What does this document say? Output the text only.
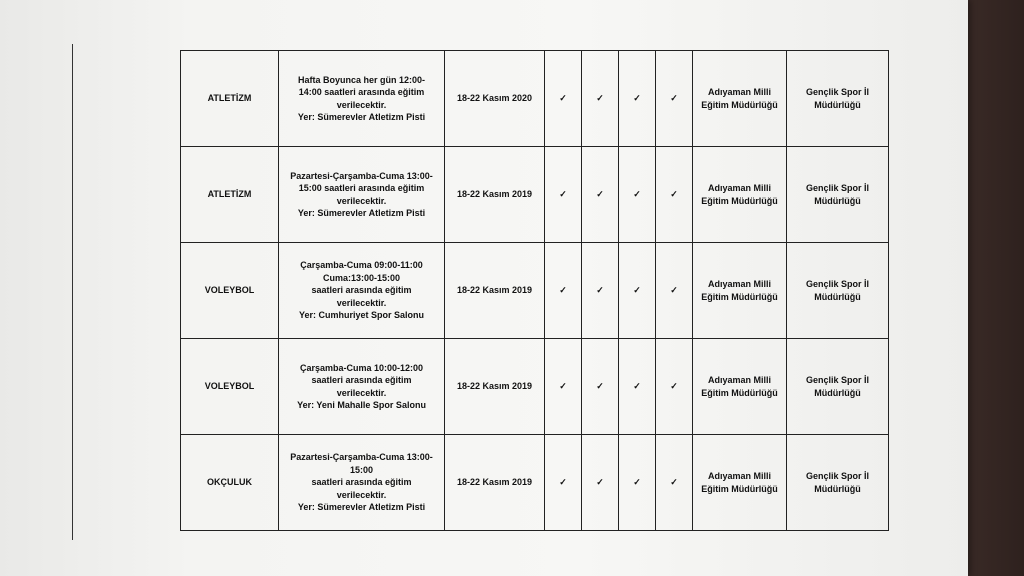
ATLETİZM	Hafta Boyunca her gün 12:00-
14:00 saatleri arasında eğitim
verilecektir.
Yer: Sümerevler Atletizm Pisti	18-22 Kasım 2020	✓	✓	✓	✓	Adıyaman Milli Eğitim Müdürlüğü	Gençlik Spor İl Müdürlüğü
ATLETİZM	Pazartesi-Çarşamba-Cuma 13:00-
15:00 saatleri arasında eğitim
verilecektir.
Yer: Sümerevler Atletizm Pisti	18-22 Kasım 2019	✓	✓	✓	✓	Adıyaman Milli Eğitim Müdürlüğü	Gençlik Spor İl Müdürlüğü
VOLEYBOL	Çarşamba-Cuma 09:00-11:00
Cuma:13:00-15:00
saatleri arasında eğitim
verilecektir.
Yer: Cumhuriyet Spor Salonu	18-22 Kasım 2019	✓	✓	✓	✓	Adıyaman Milli Eğitim Müdürlüğü	Gençlik Spor İl Müdürlüğü
VOLEYBOL	Çarşamba-Cuma 10:00-12:00
saatleri arasında eğitim
verilecektir.
Yer: Yeni Mahalle Spor Salonu	18-22 Kasım 2019	✓	✓	✓	✓	Adıyaman Milli Eğitim Müdürlüğü	Gençlik Spor İl Müdürlüğü
OKÇULUK	Pazartesi-Çarşamba-Cuma 13:00-
15:00
saatleri arasında eğitim
verilecektir.
Yer: Sümerevler Atletizm Pisti	18-22 Kasım 2019	✓	✓	✓	✓	Adıyaman Milli Eğitim Müdürlüğü	Gençlik Spor İl Müdürlüğü
